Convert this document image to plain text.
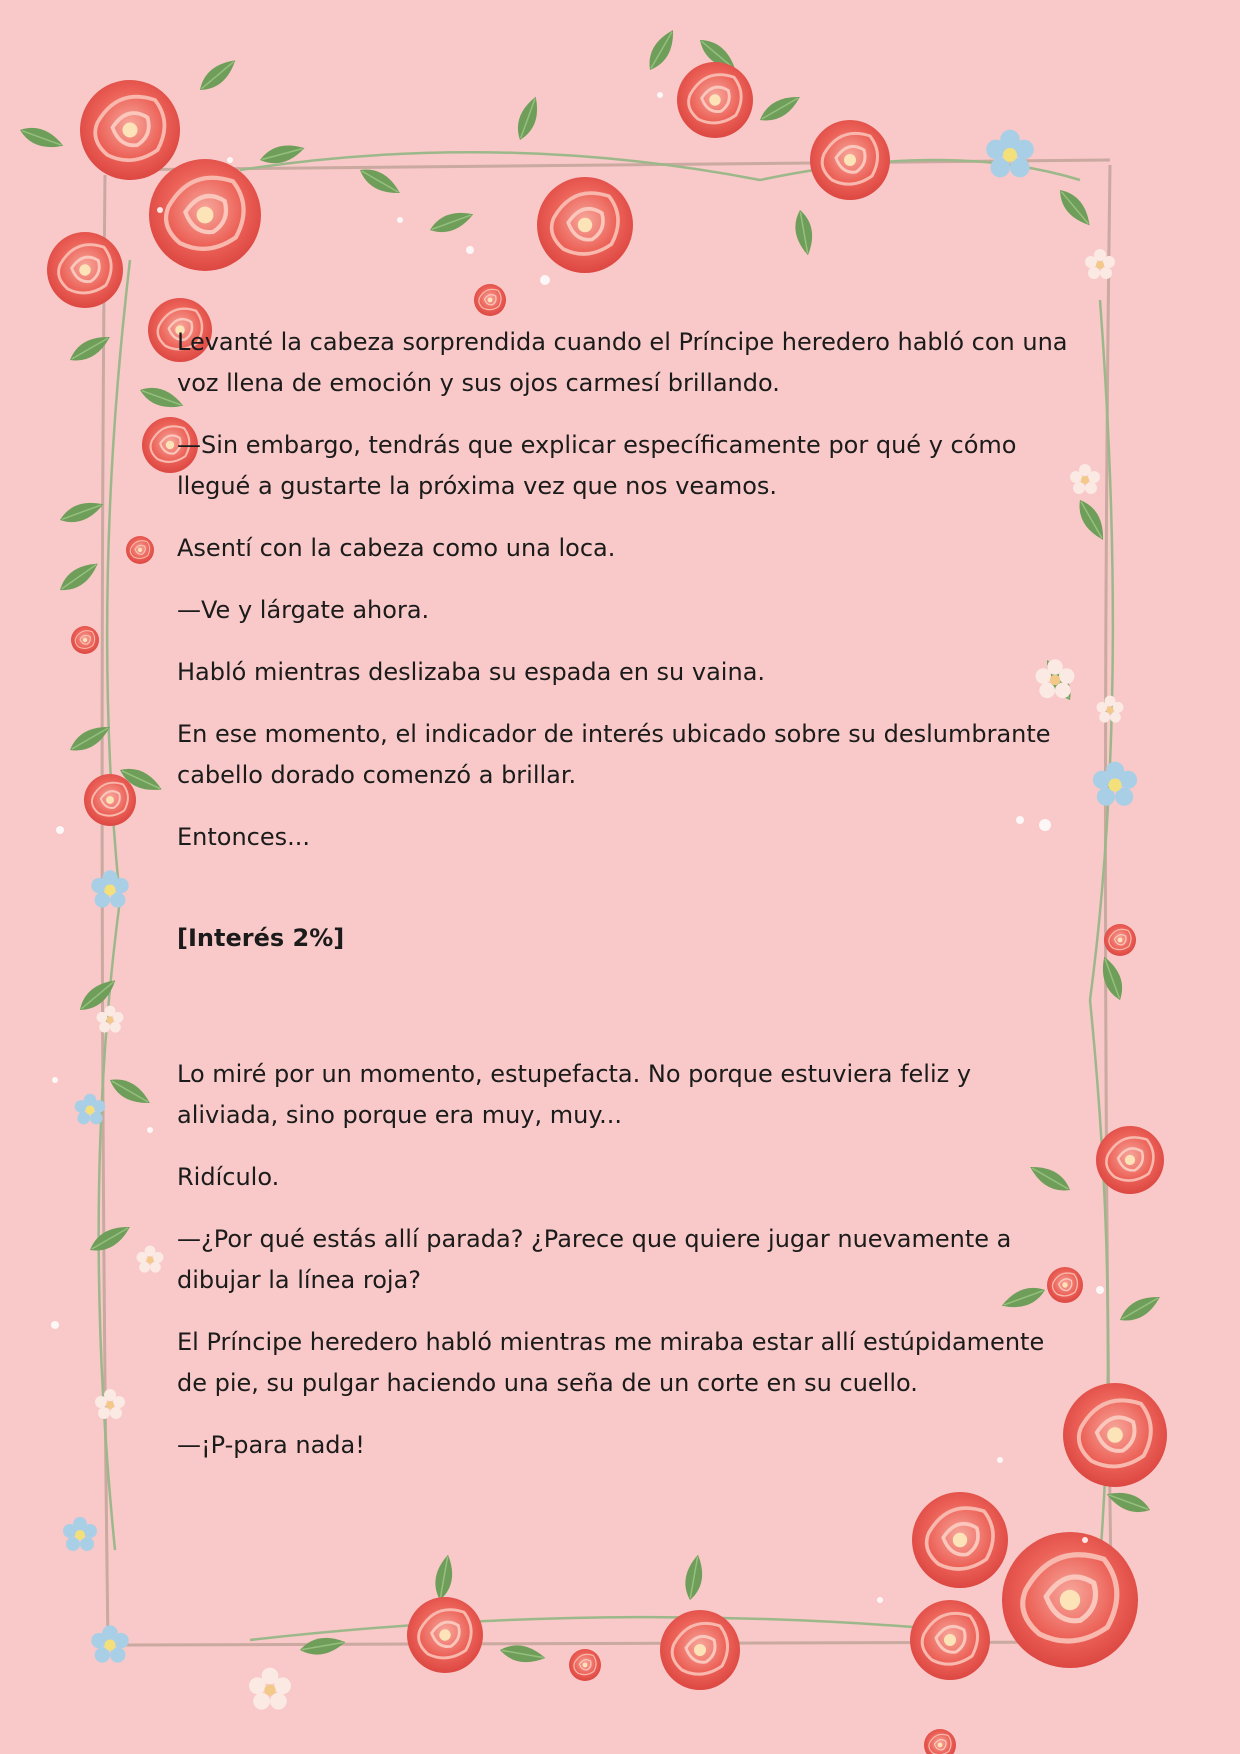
Levanté la cabeza sorprendida cuando el Príncipe heredero habló con una voz llena de emoción y sus ojos carmesí brillando.

—Sin embargo, tendrás que explicar específicamente por qué y cómo llegué a gustarte la próxima vez que nos veamos.

Asentí con la cabeza como una loca.

—Ve y lárgate ahora.

Habló mientras deslizaba su espada en su vaina.

En ese momento, el indicador de interés ubicado sobre su deslumbrante cabello dorado comenzó a brillar.

Entonces...

[Interés 2%]

Lo miré por un momento, estupefacta. No porque estuviera feliz y aliviada, sino porque era muy, muy...

Ridículo.

—¿Por qué estás allí parada? ¿Parece que quiere jugar nuevamente a dibujar la línea roja?

El Príncipe heredero habló mientras me miraba estar allí estúpidamente de pie, su pulgar haciendo una seña de un corte en su cuello.

—¡P-para nada!
